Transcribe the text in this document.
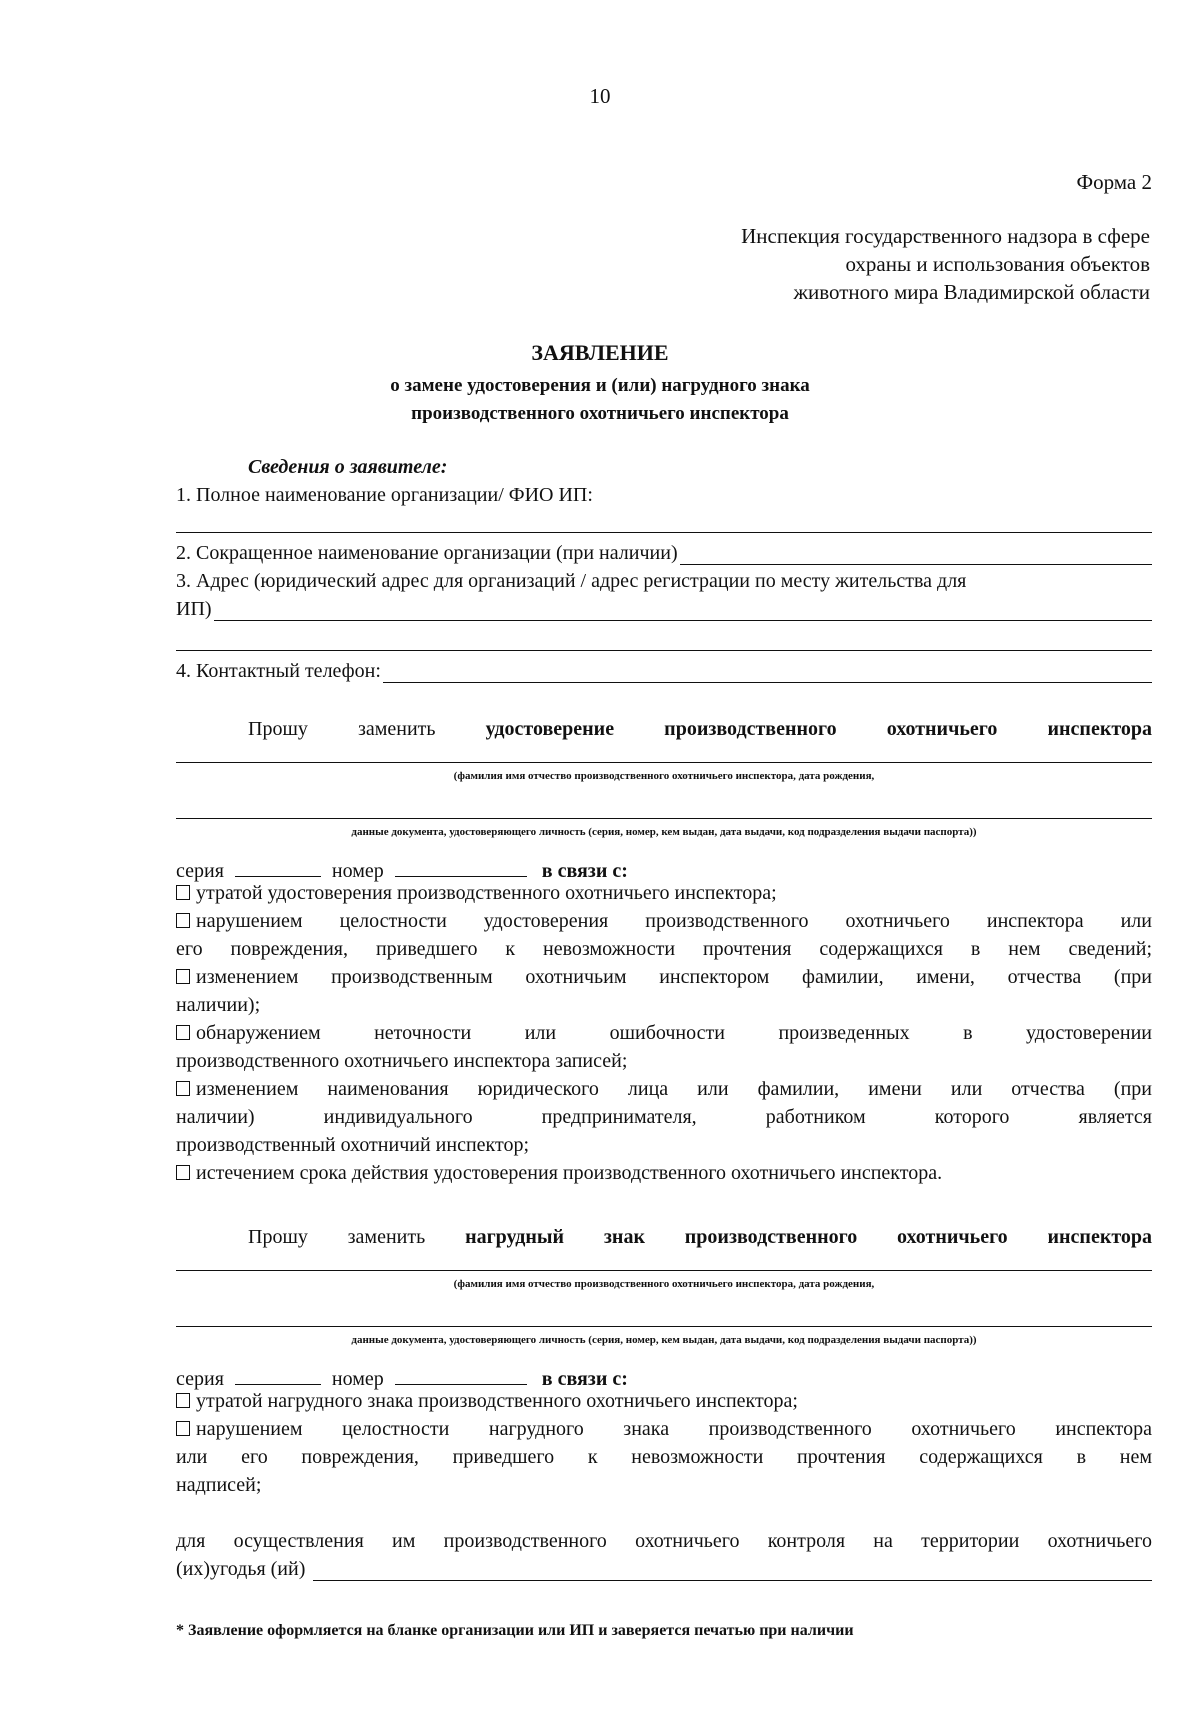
10
Форма 2
Инспекция государственного надзора в сфере
охраны и использования объектов
животного мира Владимирской области
ЗАЯВЛЕНИЕ
о замене удостоверения и (или) нагрудного знака
производственного охотничьего инспектора
Сведения о заявителе:
1. Полное наименование организации/ ФИО ИП:
2. Сокращенное наименование организации (при наличии)
3. Адрес (юридический адрес для организаций / адрес регистрации по месту жительства для
ИП)
4. Контактный телефон:
Прошу заменить	удостоверение производственного охотничьего инспектора
(фамилия имя отчество производственного охотничьего инспектора, дата рождения,
данные документа, удостоверяющего личность (серия, номер, кем выдан, дата выдачи, код подразделения выдачи паспорта))
серия	номер	в связи с:
утратой удостоверения производственного охотничьего инспектора;
нарушением целостности удостоверения производственного охотничьего инспектора или
его повреждения, приведшего к невозможности прочтения содержащихся в нем сведений;
изменением производственным охотничьим инспектором фамилии, имени, отчества (при
наличии);
обнаружением неточности или ошибочности произведенных в удостоверении
производственного охотничьего инспектора записей;
изменением наименования юридического лица или фамилии, имени или отчества (при
наличии) индивидуального предпринимателя, работником которого является
производственный охотничий инспектор;
истечением срока действия удостоверения производственного охотничьего инспектора.
Прошу заменить нагрудный знак производственного охотничьего инспектора
(фамилия имя отчество производственного охотничьего инспектора, дата рождения,
данные документа, удостоверяющего личность (серия, номер, кем выдан, дата выдачи, код подразделения выдачи паспорта))
серия	номер	в связи с:
утратой нагрудного знака производственного охотничьего инспектора;
нарушением целостности нагрудного знака производственного охотничьего инспектора
или его повреждения, приведшего к невозможности прочтения содержащихся в нем
надписей;
для осуществления им производственного охотничьего контроля на территории охотничьего
(их)угодья (ий)
* Заявление оформляется на бланке организации или ИП и заверяется печатью при наличии
